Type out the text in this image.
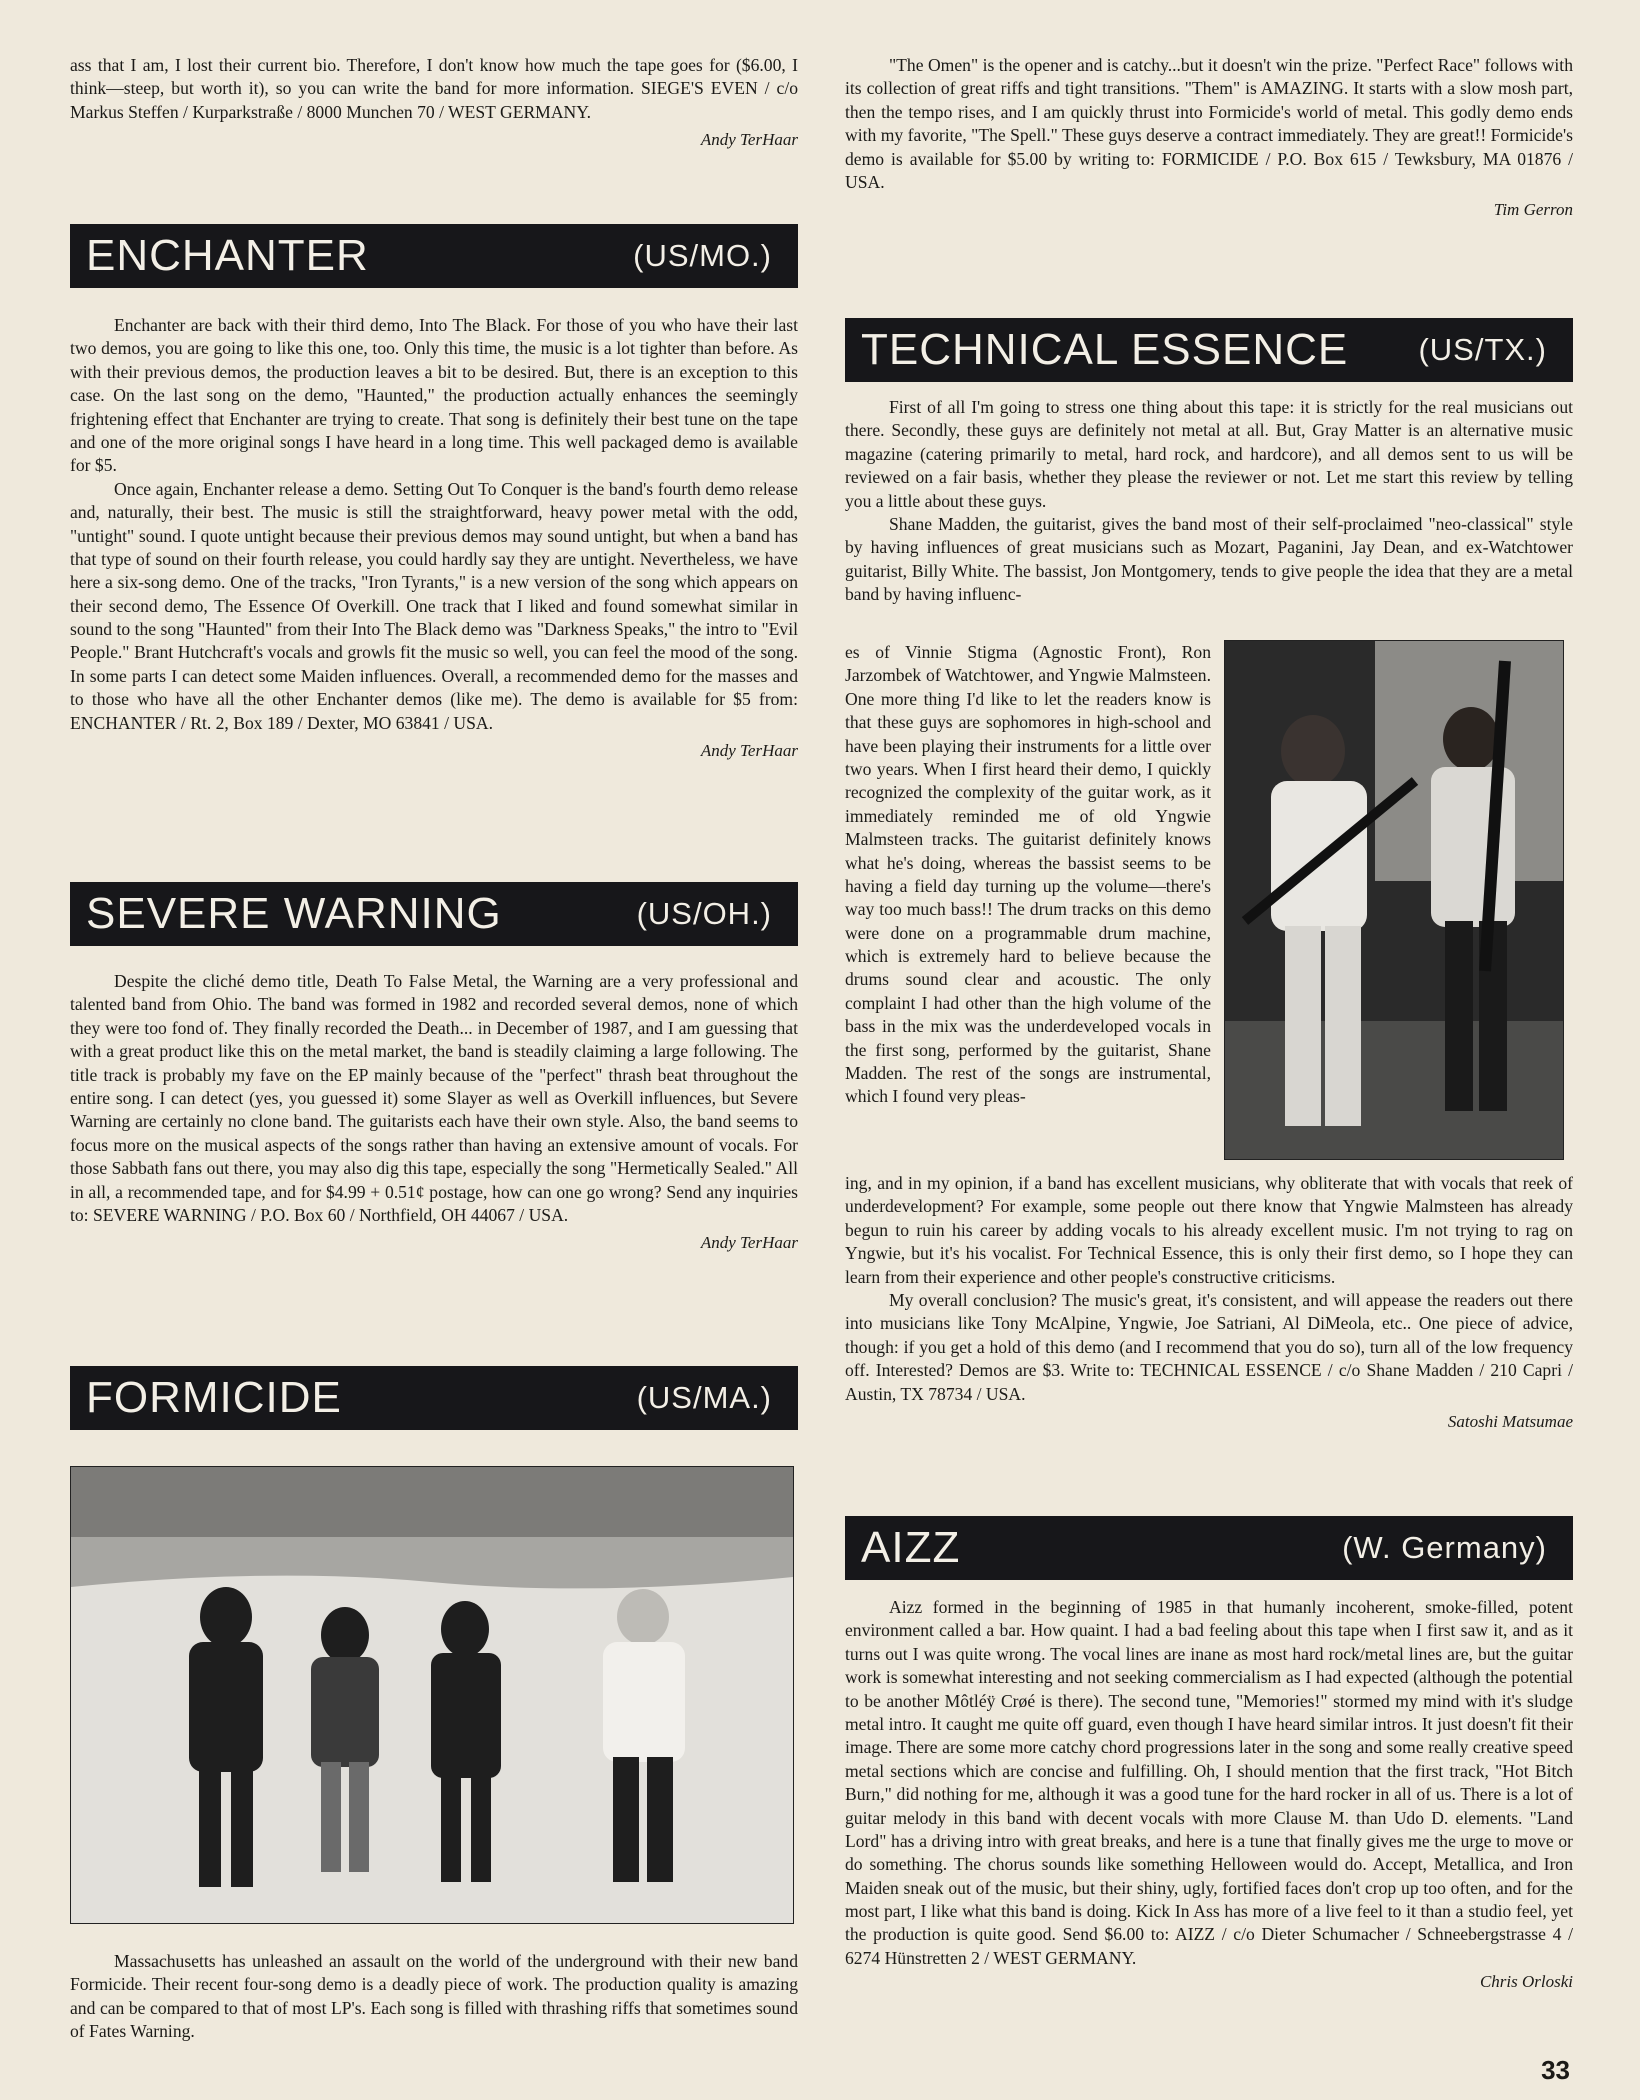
ass that I am, I lost their current bio. Therefore, I don't know how much the tape goes for ($6.00, I think—steep, but worth it), so you can write the band for more information. SIEGE'S EVEN / c/o Markus Steffen / Kurparkstraße / 8000 Munchen 70 / WEST GERMANY.

Andy TerHaar
ENCHANTER	(US/MO.)

Enchanter are back with their third demo, Into The Black. For those of you who have their last two demos, you are going to like this one, too. Only this time, the music is a lot tighter than before. As with their previous demos, the production leaves a bit to be desired. But, there is an exception to this case. On the last song on the demo, "Haunted," the production actually enhances the seemingly frightening effect that Enchanter are trying to create. That song is definitely their best tune on the tape and one of the more original songs I have heard in a long time. This well packaged demo is available for $5.

Once again, Enchanter release a demo. Setting Out To Conquer is the band's fourth demo release and, naturally, their best. The music is still the straightforward, heavy power metal with the odd, "untight" sound. I quote untight because their previous demos may sound untight, but when a band has that type of sound on their fourth release, you could hardly say they are untight. Nevertheless, we have here a six-song demo. One of the tracks, "Iron Tyrants," is a new version of the song which appears on their second demo, The Essence Of Overkill. One track that I liked and found somewhat similar in sound to the song "Haunted" from their Into The Black demo was "Darkness Speaks," the intro to "Evil People." Brant Hutchcraft's vocals and growls fit the music so well, you can feel the mood of the song. In some parts I can detect some Maiden influences. Overall, a recommended demo for the masses and to those who have all the other Enchanter demos (like me). The demo is available for $5 from: ENCHANTER / Rt. 2, Box 189 / Dexter, MO 63841 / USA.

Andy TerHaar
SEVERE WARNING	(US/OH.)

Despite the cliché demo title, Death To False Metal, the Warning are a very professional and talented band from Ohio. The band was formed in 1982 and recorded several demos, none of which they were too fond of. They finally recorded the Death... in December of 1987, and I am guessing that with a great product like this on the metal market, the band is steadily claiming a large following. The title track is probably my fave on the EP mainly because of the "perfect" thrash beat throughout the entire song. I can detect (yes, you guessed it) some Slayer as well as Overkill influences, but Severe Warning are certainly no clone band. The guitarists each have their own style. Also, the band seems to focus more on the musical aspects of the songs rather than having an extensive amount of vocals. For those Sabbath fans out there, you may also dig this tape, especially the song "Hermetically Sealed." All in all, a recommended tape, and for $4.99 + 0.51¢ postage, how can one go wrong? Send any inquiries to: SEVERE WARNING / P.O. Box 60 / Northfield, OH 44067 / USA.

Andy TerHaar
FORMICIDE	(US/MA.)

Massachusetts has unleashed an assault on the world of the underground with their new band Formicide. Their recent four-song demo is a deadly piece of work. The production quality is amazing and can be compared to that of most LP's. Each song is filled with thrashing riffs that sometimes sound of Fates Warning.

"The Omen" is the opener and is catchy...but it doesn't win the prize. "Perfect Race" follows with its collection of great riffs and tight transitions. "Them" is AMAZING. It starts with a slow mosh part, then the tempo rises, and I am quickly thrust into Formicide's world of metal. This godly demo ends with my favorite, "The Spell." These guys deserve a contract immediately. They are great!! Formicide's demo is available for $5.00 by writing to: FORMICIDE / P.O. Box 615 / Tewksbury, MA 01876 / USA.

Tim Gerron
TECHNICAL ESSENCE (US/TX.)

First of all I'm going to stress one thing about this tape: it is strictly for the real musicians out there. Secondly, these guys are definitely not metal at all. But, Gray Matter is an alternative music magazine (catering primarily to metal, hard rock, and hardcore), and all demos sent to us will be reviewed on a fair basis, whether they please the reviewer or not. Let me start this review by telling you a little about these guys.

Shane Madden, the guitarist, gives the band most of their self-proclaimed "neo-classical" style by having influences of great musicians such as Mozart, Paganini, Jay Dean, and ex-Watchtower guitarist, Billy White. The bassist, Jon Montgomery, tends to give people the idea that they are a metal band by having influenc-

es of Vinnie Stigma (Agnostic Front), Ron Jarzombek of Watchtower, and Yngwie Malmsteen. One more thing I'd like to let the readers know is that these guys are sophomores in high-school and have been playing their instruments for a little over two years. When I first heard their demo, I quickly recognized the complexity of the guitar work, as it immediately reminded me of old Yngwie Malmsteen tracks. The guitarist definitely knows what he's doing, whereas the bassist seems to be having a field day turning up the volume—there's way too much bass!! The drum tracks on this demo were done on a programmable drum machine, which is extremely hard to believe because the drums sound clear and acoustic. The only complaint I had other than the high volume of the bass in the mix was the underdeveloped vocals in the first song, performed by the guitarist, Shane Madden. The rest of the songs are instrumental, which I found very pleas-

ing, and in my opinion, if a band has excellent musicians, why obliterate that with vocals that reek of underdevelopment? For example, some people out there know that Yngwie Malmsteen has already begun to ruin his career by adding vocals to his already excellent music. I'm not trying to rag on Yngwie, but it's his vocalist. For Technical Essence, this is only their first demo, so I hope they can learn from their experience and other people's constructive criticisms.

My overall conclusion? The music's great, it's consistent, and will appease the readers out there into musicians like Tony McAlpine, Yngwie, Joe Satriani, Al DiMeola, etc.. One piece of advice, though: if you get a hold of this demo (and I recommend that you do so), turn all of the low frequency off. Interested? Demos are $3. Write to: TECHNICAL ESSENCE / c/o Shane Madden / 210 Capri / Austin, TX 78734 / USA.

Satoshi Matsumae
AIZZ	(W. Germany)

Aizz formed in the beginning of 1985 in that humanly incoherent, smoke-filled, potent environment called a bar. How quaint. I had a bad feeling about this tape when I first saw it, and as it turns out I was quite wrong. The vocal lines are inane as most hard rock/metal lines are, but the guitar work is somewhat interesting and not seeking commercialism as I had expected (although the potential to be another Môtléÿ Crøé is there). The second tune, "Memories!" stormed my mind with it's sludge metal intro. It caught me quite off guard, even though I have heard similar intros. It just doesn't fit their image. There are some more catchy chord progressions later in the song and some really creative speed metal sections which are concise and fulfilling. Oh, I should mention that the first track, "Hot Bitch Burn," did nothing for me, although it was a good tune for the hard rocker in all of us. There is a lot of guitar melody in this band with decent vocals with more Clause M. than Udo D. elements. "Land Lord" has a driving intro with great breaks, and here is a tune that finally gives me the urge to move or do something. The chorus sounds like something Helloween would do. Accept, Metallica, and Iron Maiden sneak out of the music, but their shiny, ugly, fortified faces don't crop up too often, and for the most part, I like what this band is doing. Kick In Ass has more of a live feel to it than a studio feel, yet the production is quite good. Send $6.00 to: AIZZ / c/o Dieter Schumacher / Schneebergstrasse 4 / 6274 Hünstretten 2 / WEST GERMANY.

Chris Orloski
33
